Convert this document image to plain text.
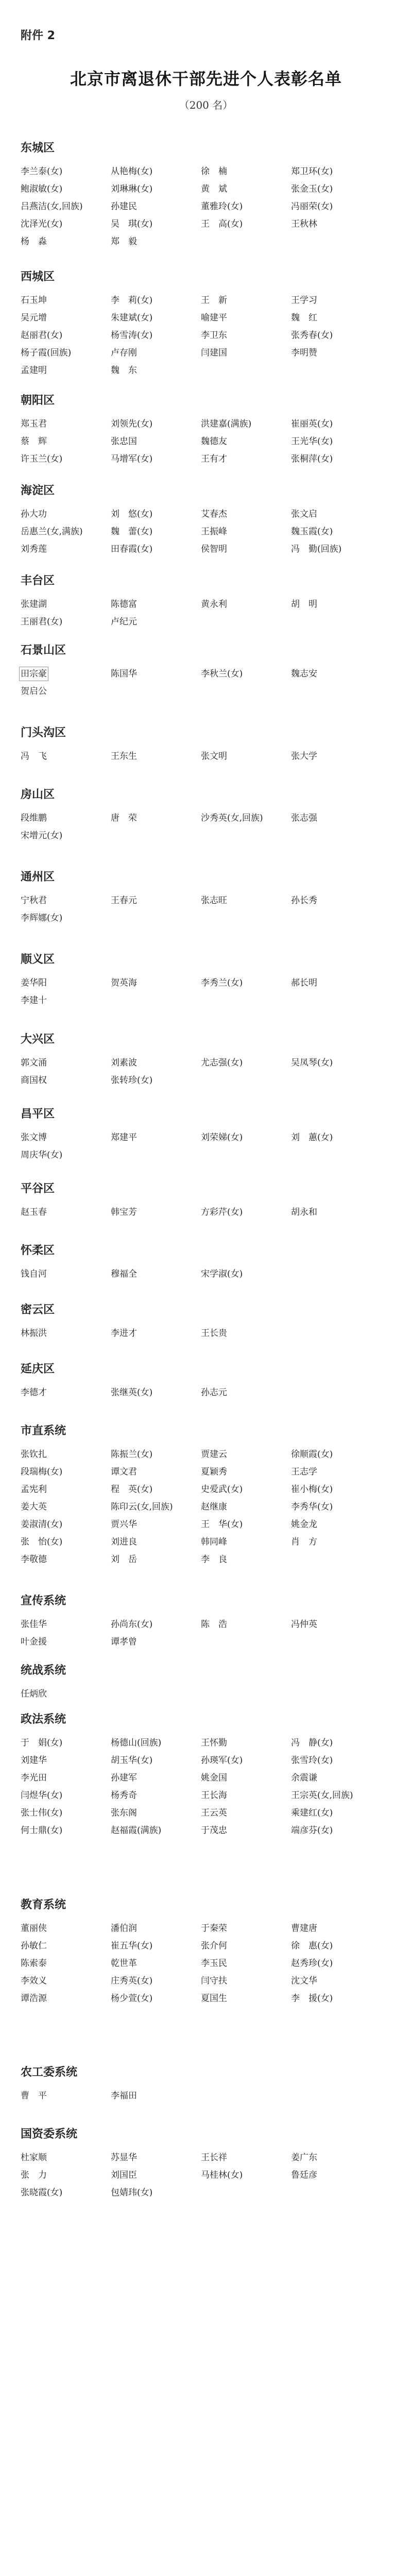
附件 2
北京市离退休干部先进个人表彰名单
（200 名）
东城区
李兰泰(女)	从艳梅(女)	徐　楠	郑卫环(女)
鲍淑敏(女)	刘琳琳(女)	黄　斌	张金玉(女)
吕燕洁(女,回族)	孙建民	董雅玲(女)	冯丽荣(女)
沈泽光(女)	吴　琪(女)	王　高(女)	王秋林
杨　淼	郑　毅
西城区
石玉坤	李　莉(女)	王　新	王学习
吴元增	朱建斌(女)	喻建平	魏　红
赵丽君(女)	杨雪涛(女)	李卫东	张秀春(女)
杨子霞(回族)	卢存刚	闫建国	李明赞
孟建明	魏　东
朝阳区
郑玉君	刘领先(女)	洪建嘉(满族)	崔丽英(女)
蔡　辉	张忠国	魏德友	王光华(女)
许玉兰(女)	马增军(女)	王有才	张桐萍(女)
海淀区
孙大功	刘　悠(女)	艾春杰	张文启
岳惠兰(女,满族)	魏　蕾(女)	王振峰	魏玉霞(女)
刘秀莲	田春霞(女)	侯智明	冯　勤(回族)
丰台区
张建湖	陈德富	黄永利	胡　明
王丽君(女)	卢纪元
石景山区
田宗豪	陈国华	李秋兰(女)	魏志安
贺启公
门头沟区
冯　飞	王东生	张文明	张大学
房山区
段维鹏	唐　荣	沙秀英(女,回族)	张志强
宋增元(女)
通州区
宁秋君	王春元	张志旺	孙长秀
李辉娜(女)
顺义区
姜华阳	贺英海	李秀兰(女)	郝长明
李建十
大兴区
郭文涌	刘素波	尤志强(女)	吴凤琴(女)
商国权	张转珍(女)
昌平区
张文博	郑建平	刘荣娣(女)	刘　蕙(女)
周庆华(女)
平谷区
赵玉春	韩宝芳	方彩芹(女)	胡永和
怀柔区
钱自河	穆福全	宋学淑(女)
密云区
林振洪	李进才	王长贵
延庆区
李德才	张继英(女)	孙志元
市直系统
张钦扎	陈振兰(女)	贾建云	徐顺霞(女)
段瑞梅(女)	谭文君	夏颖秀	王志学
孟宪利	程　英(女)	史爱武(女)	崔小梅(女)
姜大英	陈印云(女,回族)	赵继康	李秀华(女)
姜淑清(女)	贾兴华	王　华(女)	姚金龙
张　怡(女)	刘进良	韩同峰	肖　方
李敬德	刘　岳	李　良
宣传系统
张佳华	孙尚东(女)	陈　浩	冯仲英
叶金援	谭孝曾
统战系统
任炳欣
政法系统
于　娟(女)	杨德山(回族)	王怀勤	冯　静(女)
刘建华	胡玉华(女)	孙瑛军(女)	张雪玲(女)
李光田	孙建军	姚金国	余震谦
闫煜华(女)	杨秀奇	王长海	王宗英(女,回族)
张士伟(女)	张东阁	王云英	乘建红(女)
何士鼎(女)	赵福霞(满族)	于茂忠	端彦芬(女)
教育系统
董丽侠	潘伯润	于秦荣	曹建唐
孙敏仁	崔五华(女)	张介何	徐　惠(女)
陈索泰	乾世革	李玉民	赵秀珍(女)
李效义	庄秀英(女)	闫守扶	沈文华
谭浩源	杨少萱(女)	夏国生	李　援(女)
农工委系统
曹　平	李福田
国资委系统
杜家顺	苏显华	王长祥	姜广东
张　力	刘国臣	马桂林(女)	鲁廷彦
张晓霞(女)	包婧玮(女)
